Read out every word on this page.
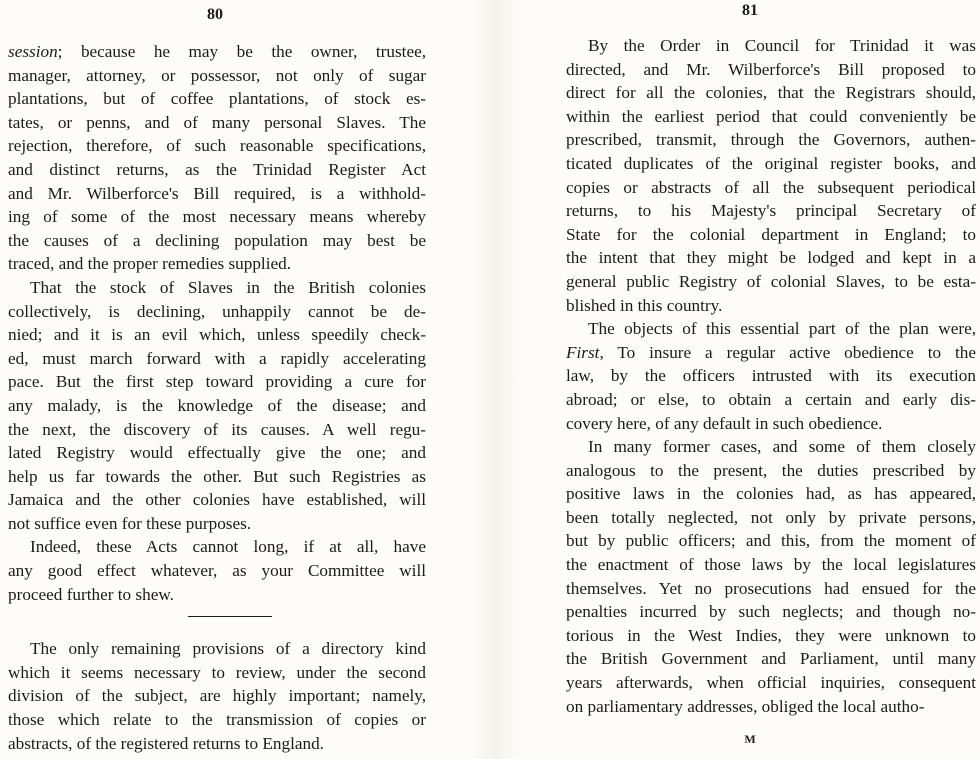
80
session; because he may be the owner, trustee,
manager, attorney, or possessor, not only of sugar
plantations, but of coffee plantations, of stock es-
tates, or penns, and of many personal Slaves. The
rejection, therefore, of such reasonable specifications,
and distinct returns, as the Trinidad Register Act
and Mr. Wilberforce's Bill required, is a withhold-
ing of some of the most necessary means whereby
the causes of a declining population may best be
traced, and the proper remedies supplied.
That the stock of Slaves in the British colonies
collectively, is declining, unhappily cannot be de-
nied; and it is an evil which, unless speedily check-
ed, must march forward with a rapidly accelerating
pace. But the first step toward providing a cure for
any malady, is the knowledge of the disease; and
the next, the discovery of its causes. A well regu-
lated Registry would effectually give the one; and
help us far towards the other. But such Registries as
Jamaica and the other colonies have established, will
not suffice even for these purposes.
Indeed, these Acts cannot long, if at all, have
any good effect whatever, as your Committee will
proceed further to shew.
The only remaining provisions of a directory kind
which it seems necessary to review, under the second
division of the subject, are highly important; namely,
those which relate to the transmission of copies or
abstracts, of the registered returns to England.
81
By the Order in Council for Trinidad it was
directed, and Mr. Wilberforce's Bill proposed to
direct for all the colonies, that the Registrars should,
within the earliest period that could conveniently be
prescribed, transmit, through the Governors, authen-
ticated duplicates of the original register books, and
copies or abstracts of all the subsequent periodical
returns, to his Majesty's principal Secretary of
State for the colonial department in England; to
the intent that they might be lodged and kept in a
general public Registry of colonial Slaves, to be esta-
blished in this country.
The objects of this essential part of the plan were,
First, To insure a regular active obedience to the
law, by the officers intrusted with its execution
abroad; or else, to obtain a certain and early dis-
covery here, of any default in such obedience.
In many former cases, and some of them closely
analogous to the present, the duties prescribed by
positive laws in the colonies had, as has appeared,
been totally neglected, not only by private persons,
but by public officers; and this, from the moment of
the enactment of those laws by the local legislatures
themselves. Yet no prosecutions had ensued for the
penalties incurred by such neglects; and though no-
torious in the West Indies, they were unknown to
the British Government and Parliament, until many
years afterwards, when official inquiries, consequent
on parliamentary addresses, obliged the local autho-
M
